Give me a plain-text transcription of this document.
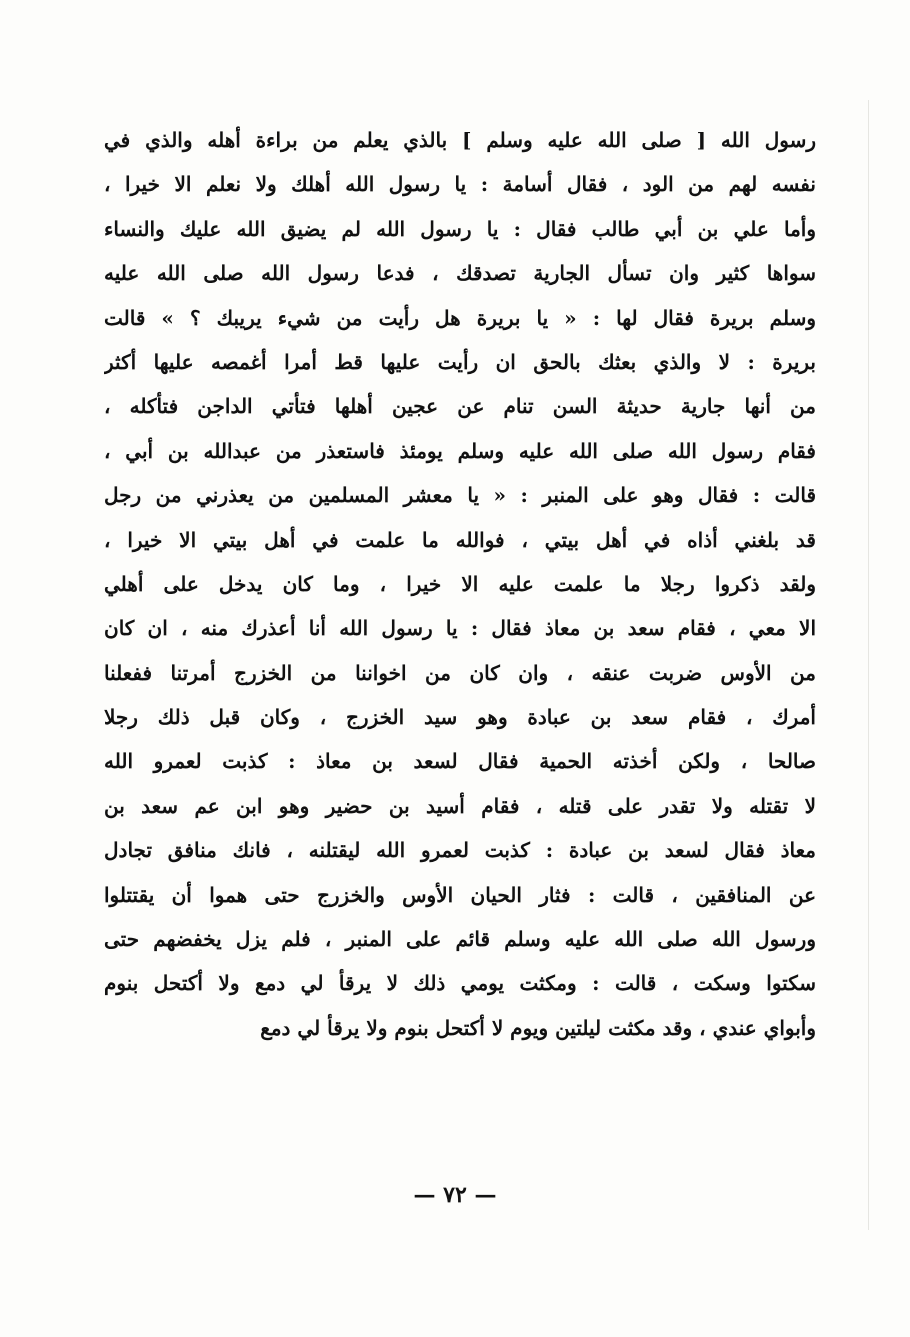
رسول الله [ صلى الله عليه وسلم ] بالذي يعلم من براءة أهله والذي في
نفسه لهم من الود ، فقال أسامة : يا رسول الله أهلك ولا نعلم الا خيرا ،
وأما علي بن أبي طالب فقال : يا رسول الله لم يضيق الله عليك والنساء
سواها كثير وان تسأل الجارية تصدقك ، فدعا رسول الله صلى الله عليه
وسلم بريرة فقال لها : « يا بريرة هل رأيت من شيء يريبك ؟ » قالت
بريرة : لا والذي بعثك بالحق ان رأيت عليها قط أمرا أغمصه عليها أكثر
من أنها جارية حديثة السن تنام عن عجين أهلها فتأتي الداجن فتأكله ،
فقام رسول الله صلى الله عليه وسلم يومئذ فاستعذر من عبدالله بن أبي ،
قالت : فقال وهو على المنبر : « يا معشر المسلمين من يعذرني من رجل
قد بلغني أذاه في أهل بيتي ، فوالله ما علمت في أهل بيتي الا خيرا ،
ولقد ذكروا رجلا ما علمت عليه الا خيرا ، وما كان يدخل على أهلي
الا معي ، فقام سعد بن معاذ فقال : يا رسول الله أنا أعذرك منه ، ان كان
من الأوس ضربت عنقه ، وان كان من اخواننا من الخزرج أمرتنا ففعلنا
أمرك ، فقام سعد بن عبادة وهو سيد الخزرج ، وكان قبل ذلك رجلا
صالحا ، ولكن أخذته الحمية فقال لسعد بن معاذ : كذبت لعمرو الله
لا تقتله ولا تقدر على قتله ، فقام أسيد بن حضير وهو ابن عم سعد بن
معاذ فقال لسعد بن عبادة : كذبت لعمرو الله ليقتلنه ، فانك منافق تجادل
عن المنافقين ، قالت : فثار الحيان الأوس والخزرج حتى هموا أن يقتتلوا
ورسول الله صلى الله عليه وسلم قائم على المنبر ، فلم يزل يخفضهم حتى
سكتوا وسكت ، قالت : ومكثت يومي ذلك لا يرقأ لي دمع ولا أكتحل بنوم
وأبواي عندي ، وقد مكثت ليلتين ويوم لا أكتحل بنوم ولا يرقأ لي دمع
— ٧٢ —
